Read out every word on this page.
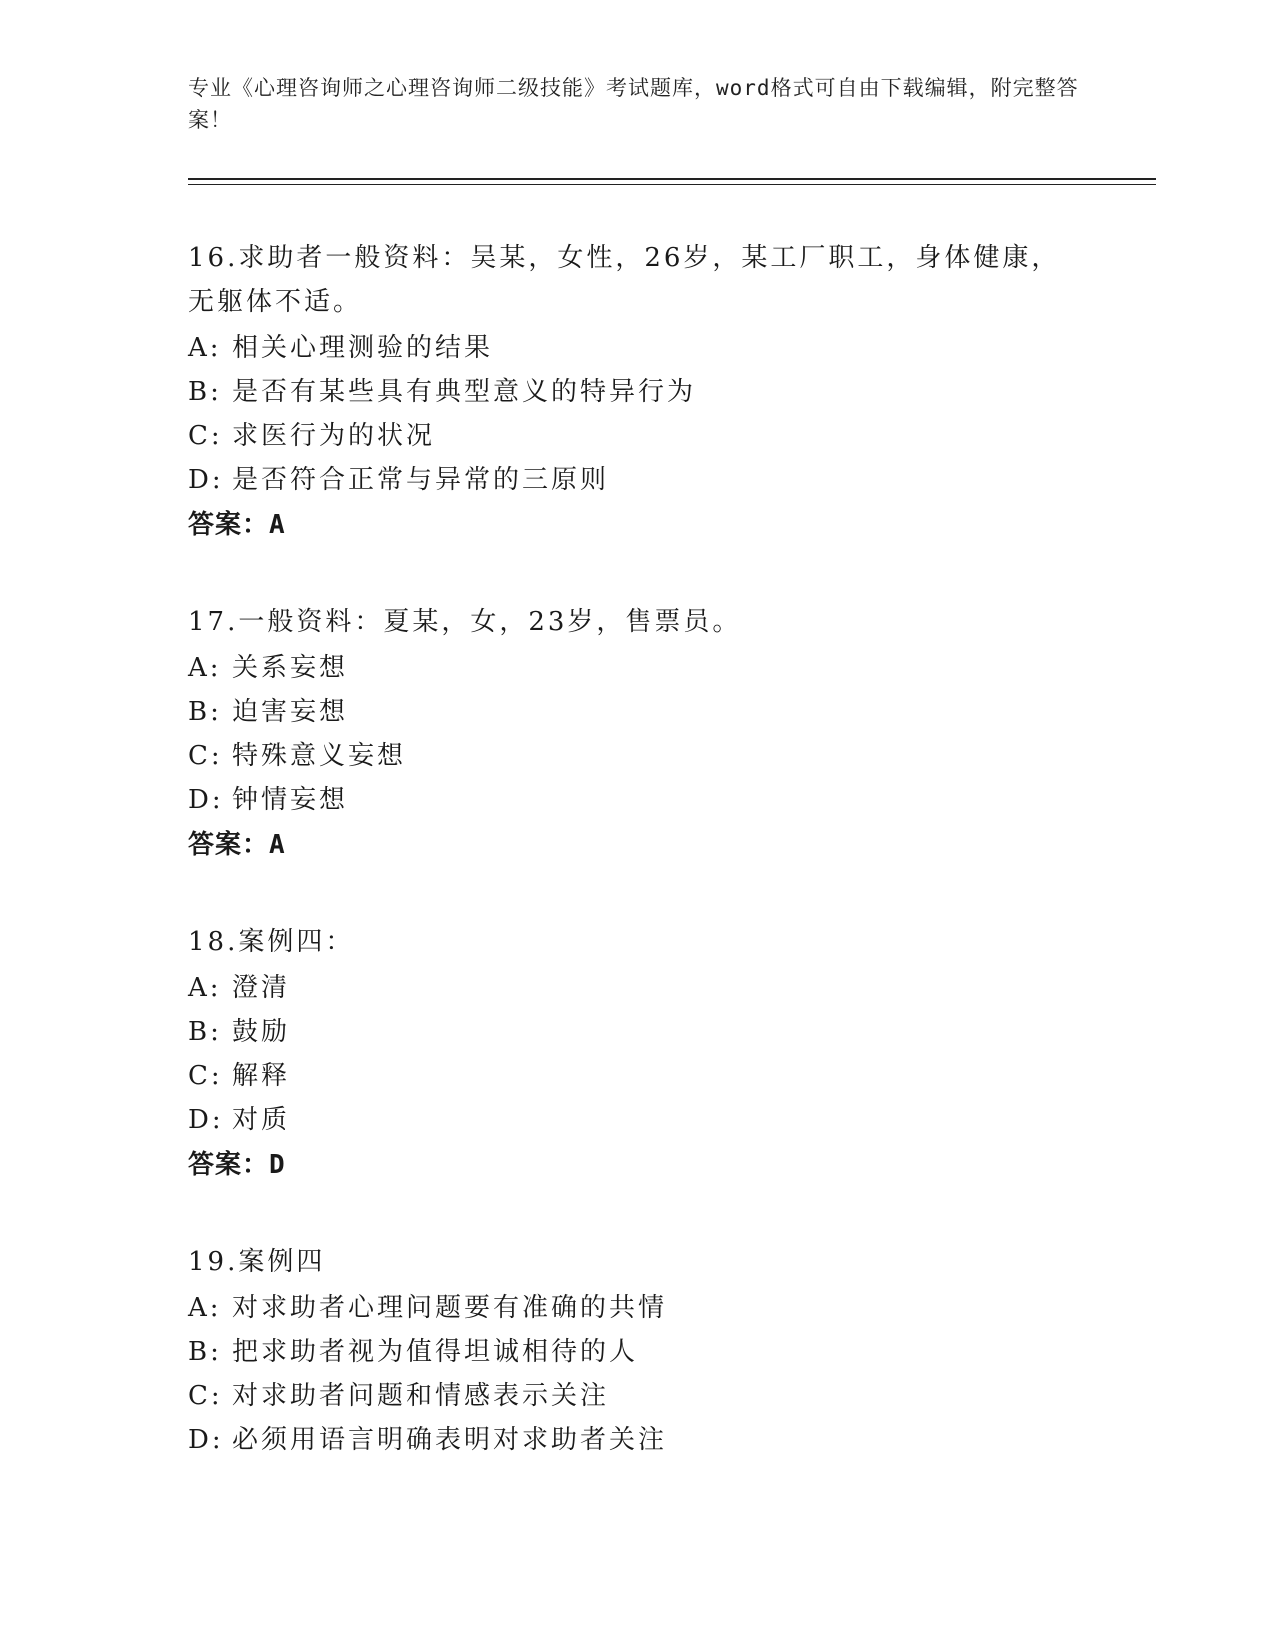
专业《心理咨询师之心理咨询师二级技能》考试题库，word格式可自由下载编辑，附完整答案！
16.求助者一般资料：吴某，女性，26岁，某工厂职工，身体健康，无躯体不适。
A: 相关心理测验的结果
B: 是否有某些具有典型意义的特异行为
C: 求医行为的状况
D: 是否符合正常与异常的三原则
答案：A
17.一般资料：夏某，女，23岁，售票员。
A: 关系妄想
B: 迫害妄想
C: 特殊意义妄想
D: 钟情妄想
答案：A
18.案例四：
A: 澄清
B: 鼓励
C: 解释
D: 对质
答案：D
19.案例四
A: 对求助者心理问题要有准确的共情
B: 把求助者视为值得坦诚相待的人
C: 对求助者问题和情感表示关注
D: 必须用语言明确表明对求助者关注
